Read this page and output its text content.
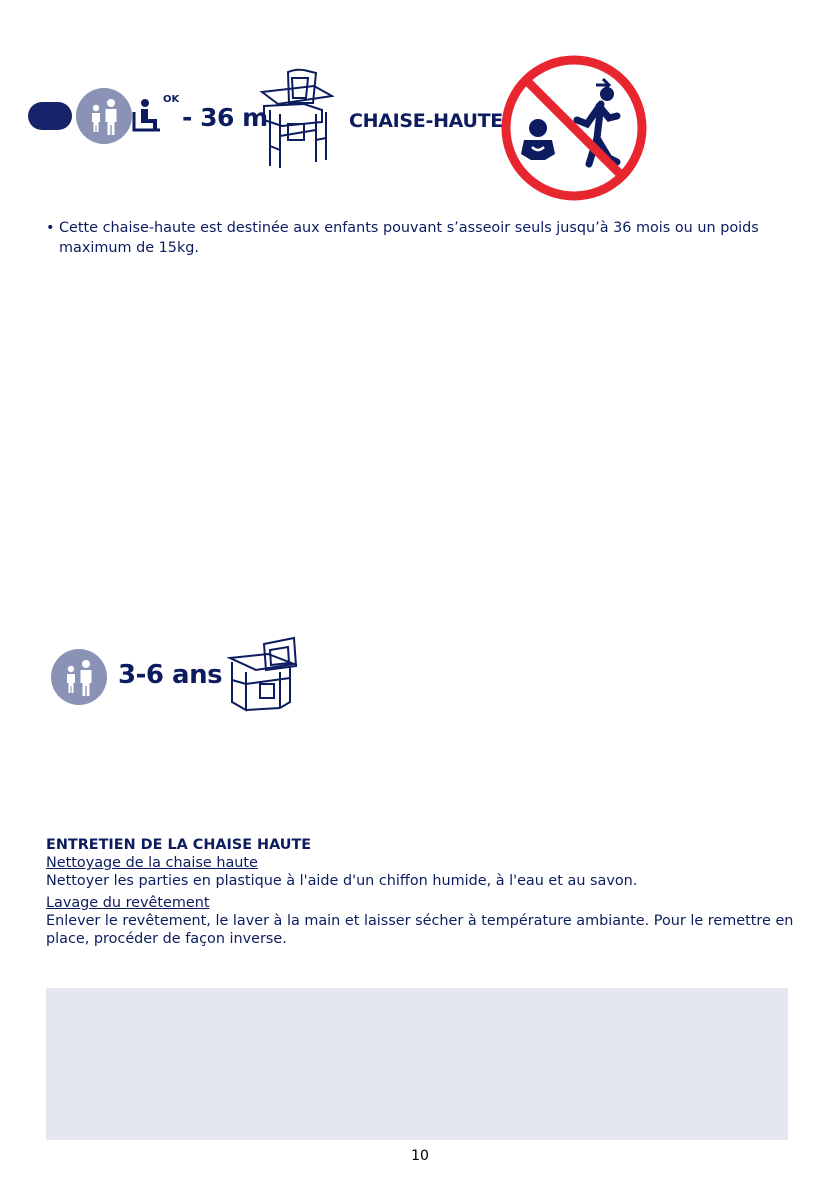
OK
- 36 m	CHAISE-HAUTE
• Cette chaise-haute est destinée aux enfants pouvant s’asseoir seuls jusqu’à 36 mois ou un poids maximum de 15kg.
3-6 ans
ENTRETIEN DE LA CHAISE HAUTE
Nettoyage de la chaise haute
Nettoyer les parties en plastique à l'aide d'un chiffon humide, à l'eau et au savon.
Lavage du revêtement
Enlever le revêtement, le laver à la main et laisser sécher à température ambiante. Pour le remettre en place, procéder de façon inverse.
10
